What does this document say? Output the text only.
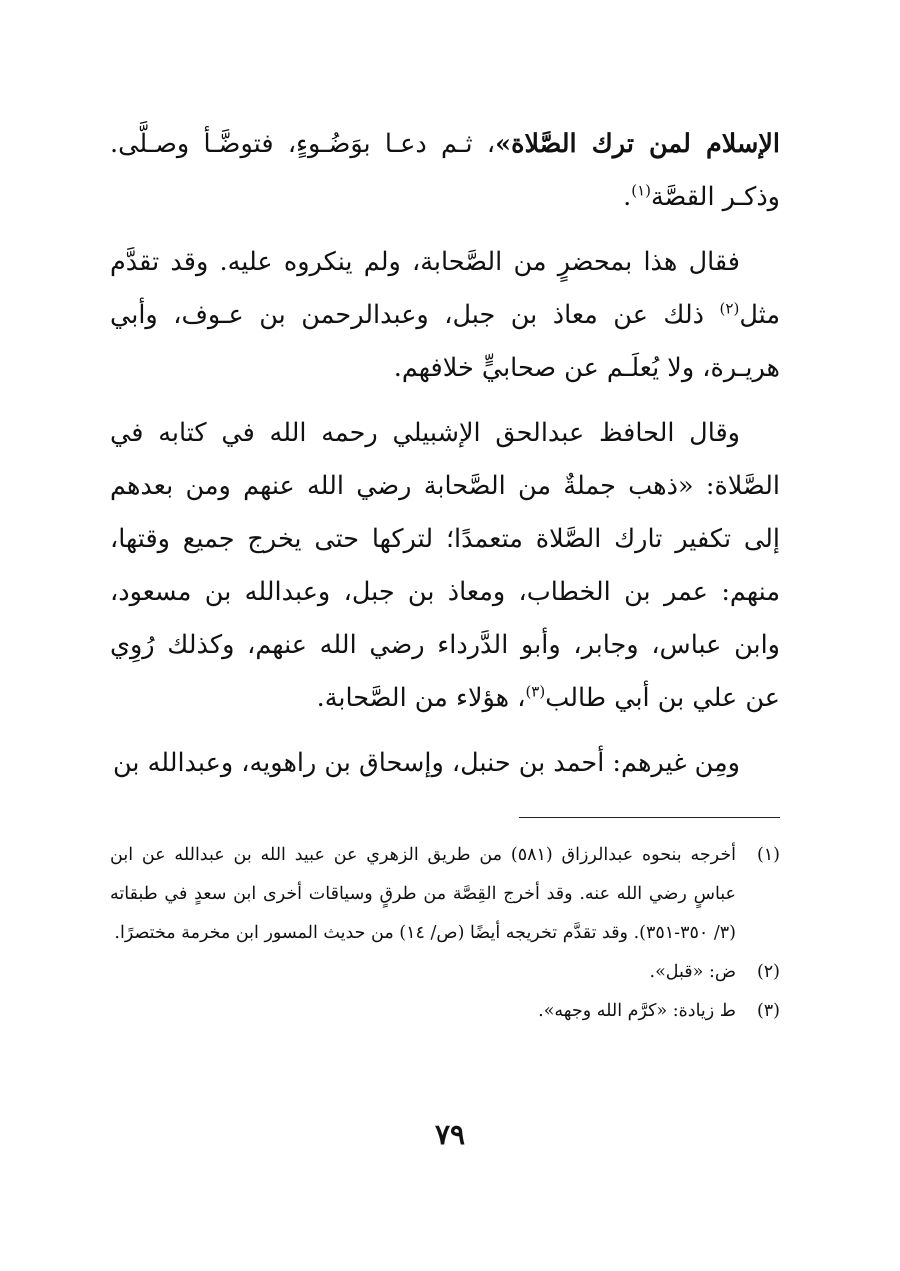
الإسلام لمن ترك الصَّلاة»، ثـم دعـا بوَضُـوءٍ، فتوضَّـأ وصـلَّى. وذكـر القصَّة$^{(١)}$.

فقال هذا بمحضرٍ من الصَّحابة، ولم ينكروه عليه. وقد تقدَّم مثل$^{(٢)}$ ذلك عن معاذ بن جبل، وعبدالرحمن بن عـوف، وأبي هريـرة، ولا يُعلَـم عن صحابيٍّ خلافهم.

وقال الحافظ عبدالحق الإشبيلي رحمه الله في كتابه في الصَّلاة: «ذهب جملةٌ من الصَّحابة رضي الله عنهم ومن بعدهم إلى تكفير تارك الصَّلاة متعمدًا؛ لتركها حتى يخرج جميع وقتها، منهم: عمر بن الخطاب، ومعاذ بن جبل، وعبدالله بن مسعود، وابن عباس، وجابر، وأبو الدَّرداء رضي الله عنهم، وكذلك رُوِي عن علي بن أبي طالب$^{(٣)}$، هؤلاء من الصَّحابة.

ومِن غيرهم: أحمد بن حنبل، وإسحاق بن راهويه، وعبدالله بن

(١)
أخرجه بنحوه عبدالرزاق (٥٨١) من طريق الزهري عن عبيد الله بن عبدالله عن ابن عباسٍ رضي الله عنه. وقد أخرج القِصَّة من طرقٍ وسياقات أخرى ابن سعدٍ في طبقاته (٣/ ٣٥٠-٣٥١). وقد تقدَّم تخريجه أيضًا (ص/ ١٤) من حديث المسور ابن مخرمة مختصرًا.
(٢)
ض: «قبل».
(٣)
ط زيادة: «كرَّم الله وجهه».
٧٩
